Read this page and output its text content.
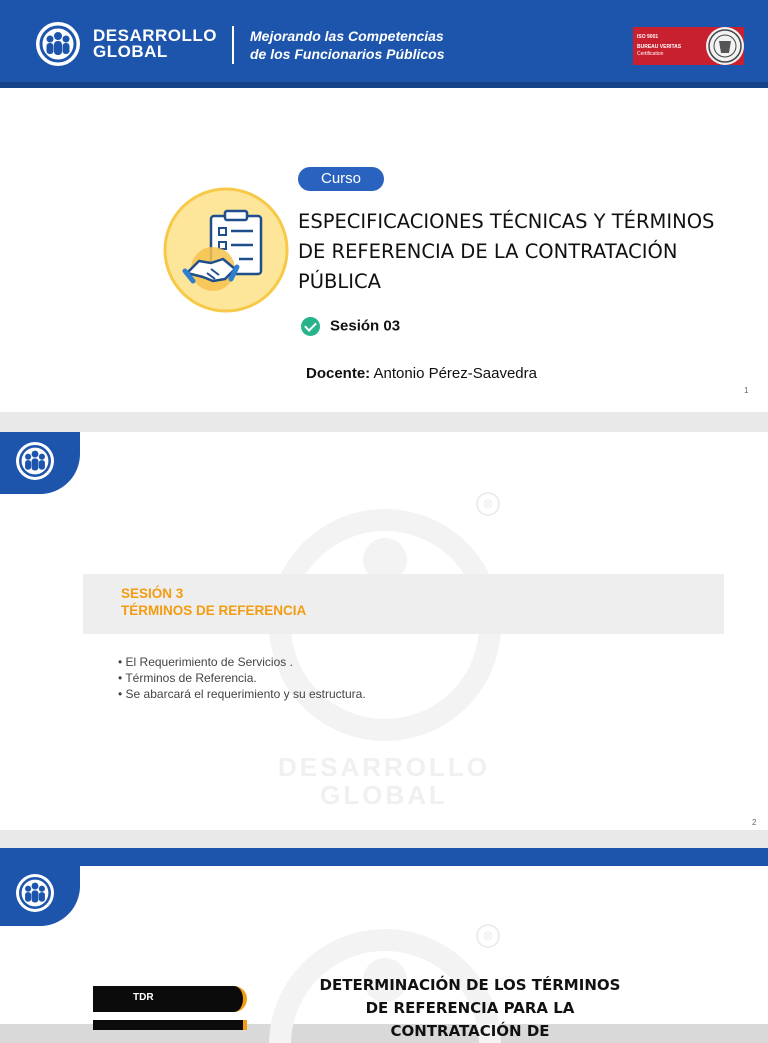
DESARROLLO
GLOBAL
Mejorando las Competencias
de los Funcionarios Públicos
ISO 9001
BUREAU VERITAS
Certification
Curso
ESPECIFICACIONES TÉCNICAS Y TÉRMINOS DE REFERENCIA DE LA CONTRATACIÓN PÚBLICA
Sesión 03
Docente: Antonio Pérez-Saavedra
1
®
DESARROLLO
GLOBAL
SESIÓN 3
TÉRMINOS DE REFERENCIA
• El Requerimiento de Servicios .
• Términos de Referencia.
• Se abarcará el requerimiento y su estructura.
2
®
TDR
DETERMINACIÓN DE LOS TÉRMINOS DE REFERENCIA PARA LA CONTRATACIÓN DE
